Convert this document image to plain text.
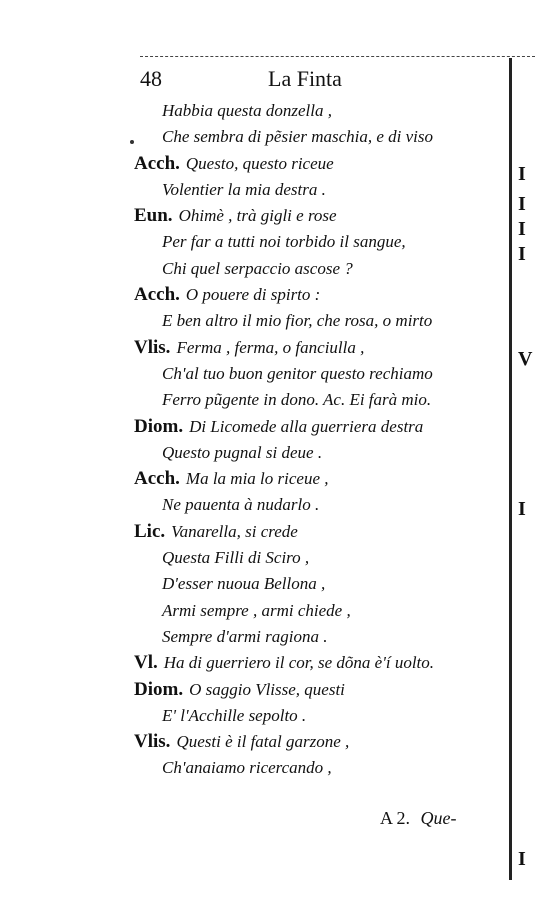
48	La Finta
Habbia questa donzella ,
Che sembra di pẽsier maschia, e di viso
Acch. Questo, questo riceue
Volentier la mia destra .
Eun. Ohimè , trà gigli e rose
Per far a tutti noi torbido il sangue,
Chi quel serpaccio ascose ?
Acch. O pouere di spirto :
E ben altro il mio fior, che rosa, o mirto
Vlis. Ferma , ferma, o fanciulla ,
Ch'al tuo buon genitor questo rechiamo
Ferro pũgente in dono. Ac. Ei farà mio.
Diom. Di Licomede alla guerriera destra
Questo pugnal si deue .
Acch. Ma la mia lo riceue ,
Ne pauenta à nudarlo .
Lic. Vanarella, si crede
Questa Filli di Sciro ,
D'esser nuoua Bellona ,
Armi sempre , armi chiede ,
Sempre d'armi ragiona .
Vl. Ha di guerriero il cor, se dõna è'í uolto.
Diom. O saggio Vlisse, questi
E' l'Acchille sepolto .
Vlis. Questi è il fatal garzone ,
Ch'anaiamo ricercando ,
A 2. Que-
I
I
I
I
V
I
I
